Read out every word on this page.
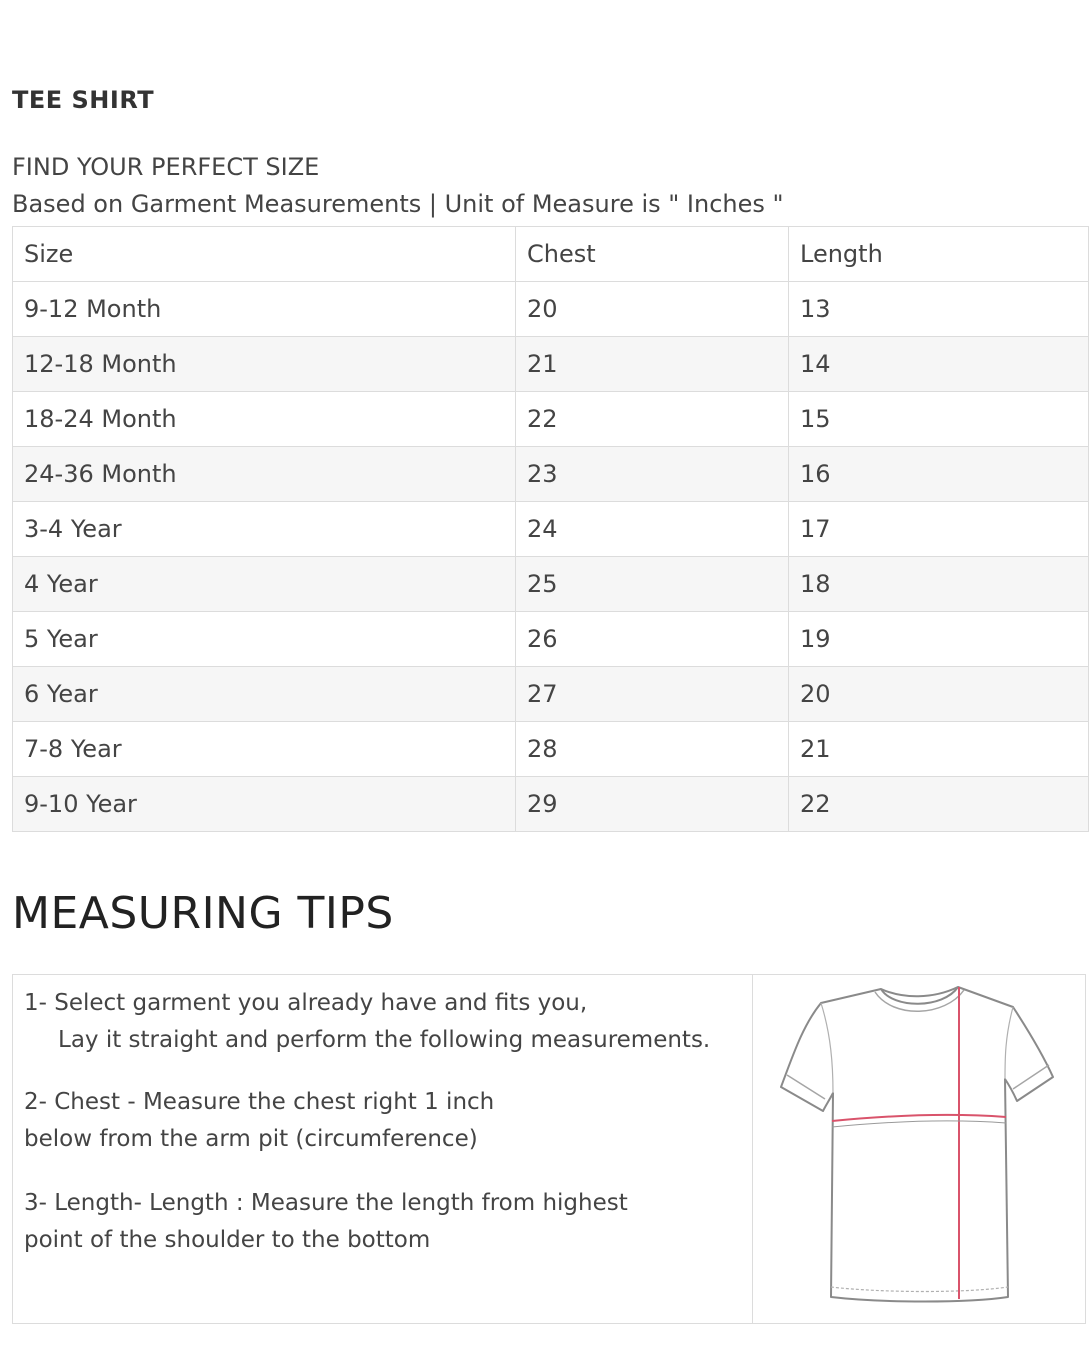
TEE SHIRT
FIND YOUR PERFECT SIZE
Based on Garment Measurements | Unit of Measure is " Inches "
Size	Chest	Length
9-12 Month	20	13
12-18 Month	21	14
18-24 Month	22	15
24-36 Month	23	16
3-4 Year	24	17
4 Year	25	18
5 Year	26	19
6 Year	27	20
7-8 Year	28	21
9-10 Year	29	22
MEASURING TIPS
1- Select garment you already have and fits you,
Lay it straight and perform the following measurements.
2- Chest - Measure the chest right 1 inch
below from the arm pit (circumference)
3- Length- Length : Measure the length from highest
point of the shoulder to the bottom
